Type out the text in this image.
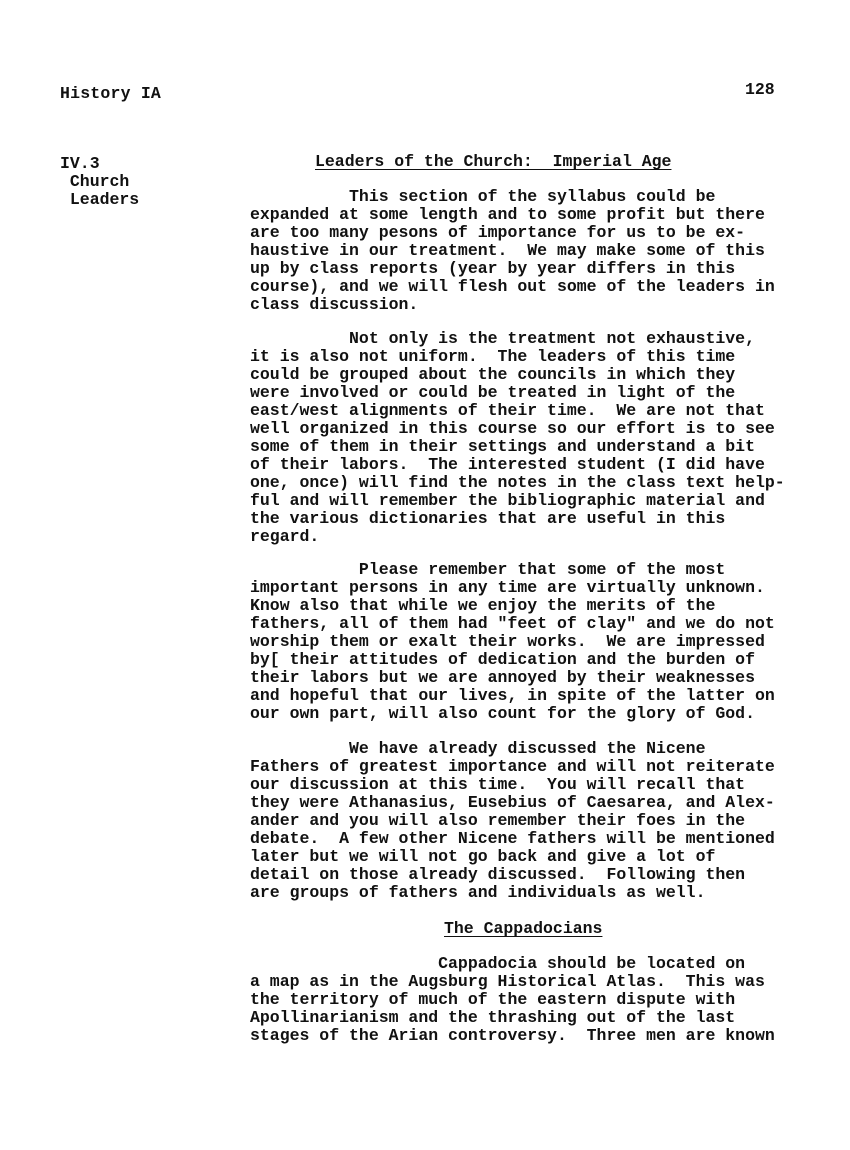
History IA	128
IV.3
Church
Leaders
Leaders of the Church:  Imperial Age
This section of the syllabus could be
expanded at some length and to some profit but there
are too many pesons of importance for us to be ex-
haustive in our treatment.  We may make some of this
up by class reports (year by year differs in this
course), and we will flesh out some of the leaders in
class discussion.
Not only is the treatment not exhaustive,
it is also not uniform.  The leaders of this time
could be grouped about the councils in which they
were involved or could be treated in light of the
east/west alignments of their time.  We are not that
well organized in this course so our effort is to see
some of them in their settings and understand a bit
of their labors.  The interested student (I did have
one, once) will find the notes in the class text help-
ful and will remember the bibliographic material and
the various dictionaries that are useful in this
regard.
Please remember that some of the most
important persons in any time are virtually unknown.
Know also that while we enjoy the merits of the
fathers, all of them had "feet of clay" and we do not
worship them or exalt their works.  We are impressed
by[ their attitudes of dedication and the burden of
their labors but we are annoyed by their weaknesses
and hopeful that our lives, in spite of the latter on
our own part, will also count for the glory of God.
We have already discussed the Nicene
Fathers of greatest importance and will not reiterate
our discussion at this time.  You will recall that
they were Athanasius, Eusebius of Caesarea, and Alex-
ander and you will also remember their foes in the
debate.  A few other Nicene fathers will be mentioned
later but we will not go back and give a lot of
detail on those already discussed.  Following then
are groups of fathers and individuals as well.
Cappadocia should be located on
a map as in the Augsburg Historical Atlas.  This was
the territory of much of the eastern dispute with
Apollinarianism and the thrashing out of the last
stages of the Arian controversy.  Three men are known
The Cappadocians
